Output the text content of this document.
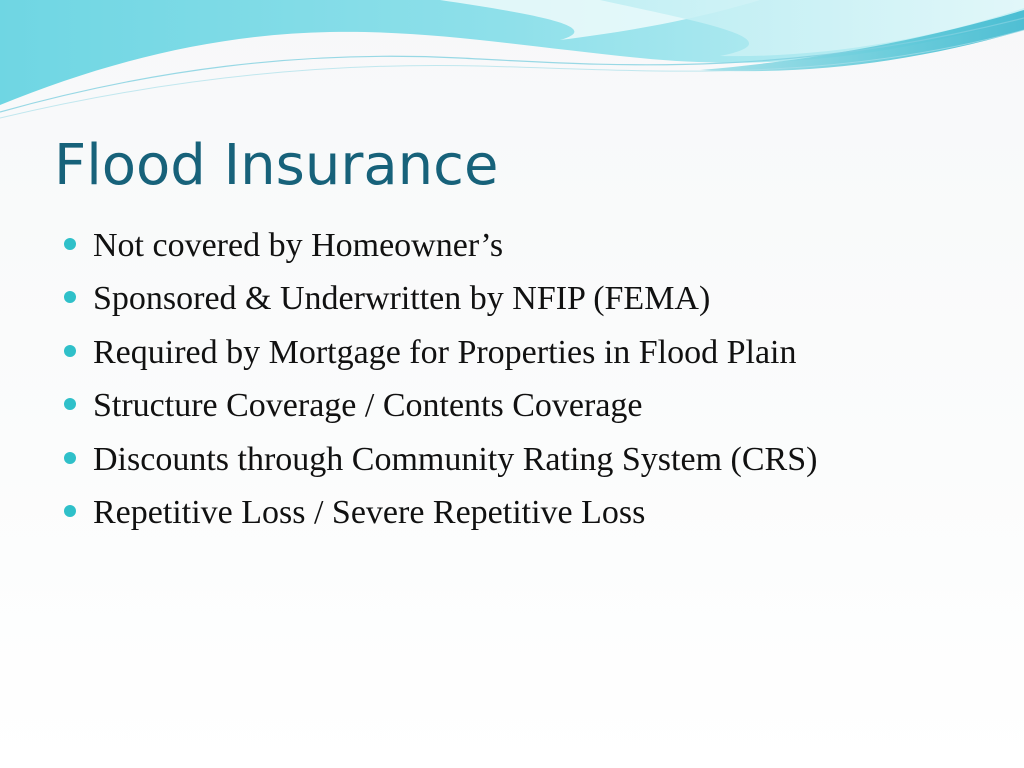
Flood Insurance
Not covered by Homeowner’s
Sponsored & Underwritten by NFIP (FEMA)
Required by Mortgage for Properties in Flood Plain
Structure Coverage / Contents Coverage
Discounts through Community Rating System (CRS)
Repetitive Loss / Severe Repetitive Loss
